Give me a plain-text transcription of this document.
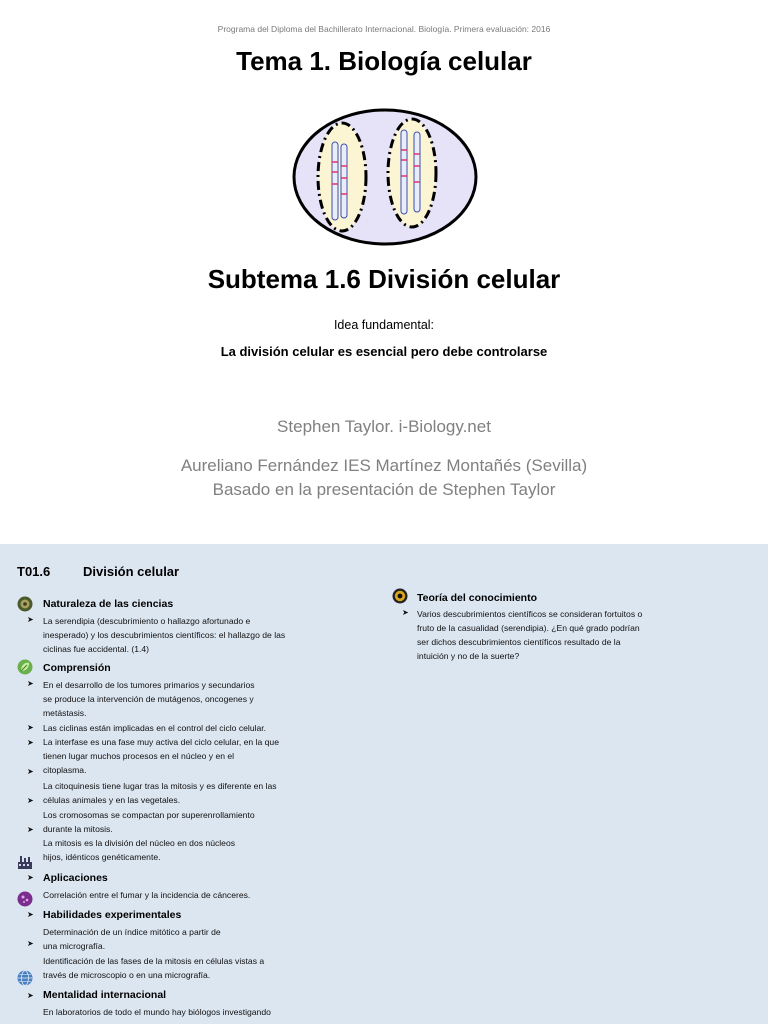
Programa del Diploma del Bachillerato Internacional. Biología. Primera evaluación: 2016
Tema 1. Biología celular
Subtema 1.6 División celular
Idea fundamental:
La división celular es esencial pero debe controlarse
Stephen Taylor. i-Biology.net
Aureliano Fernández IES Martínez Montañés (Sevilla)
Basado en la presentación de Stephen Taylor
T01.6	División celular
Naturaleza de las ciencias
➤ La serendipia (descubrimiento o hallazgo afortunado e
inesperado) y los descubrimientos científicos: el hallazgo de las
ciclinas fue accidental. (1.4)
Comprensión
➤
➤
➤
➤
➤
➤
En el desarrollo de los tumores primarios y secundarios
se produce la intervención de mutágenos, oncogenes y
metástasis.
Las ciclinas están implicadas en el control del ciclo celular.
La interfase es una fase muy activa del ciclo celular, en la que
tienen lugar muchos procesos en el núcleo y en el
citoplasma.
La citoquinesis tiene lugar tras la mitosis y es diferente en las
células animales y en las vegetales.
Los cromosomas se compactan por superenrollamiento
durante la mitosis.
La mitosis es la división del núcleo en dos núcleos
hijos, idénticos genéticamente.
Aplicaciones
➤
Correlación entre el fumar y la incidencia de cánceres.
Habilidades experimentales
➤
➤
Determinación de un índice mitótico a partir de
una micrografía.
Identificación de las fases de la mitosis en células vistas a
través de microscopio o en una micrografía.
Mentalidad internacional
➤
En laboratorios de todo el mundo hay biólogos investigando
Teoría del conocimiento
➤ Varios descubrimientos científicos se consideran fortuitos o
fruto de la casualidad (serendipia). ¿En qué grado podrían
ser dichos descubrimientos científicos resultado de la
intuición y no de la suerte?
